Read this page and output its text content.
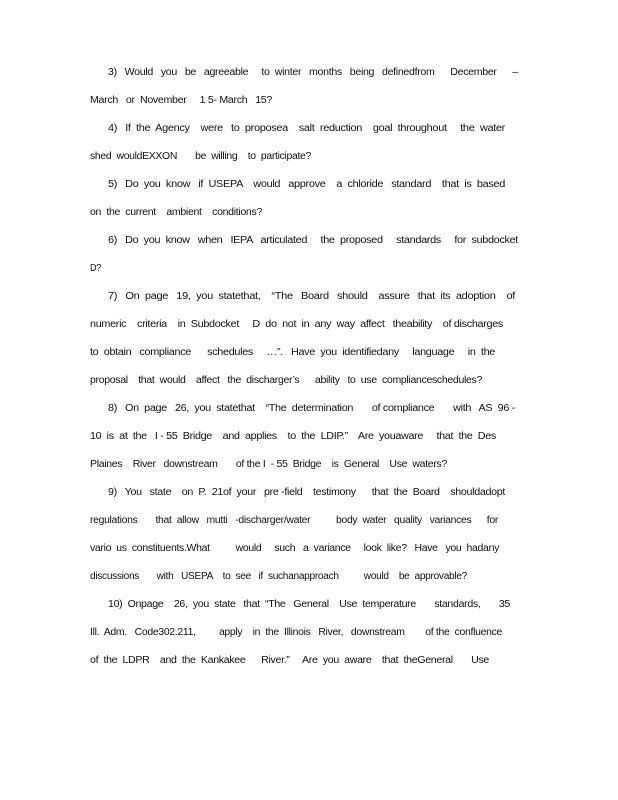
3)   Would   you   be   agreeable     to  winter   months   being   definedfrom      December      –
March   or  November     1 5- March   15?
4)   If  the  Agency    were   to  proposea    salt  reduction    goal  throughout     the  water
shed  wouldEXXON       be  willing    to  participate?
5)   Do  you  know   if  USEPA    would   approve    a  chloride   standard    that  is  based
on  the  current    ambient    conditions?
6)   Do  you  know   when   IEPA   articulated     the  proposed     standards     for  subdocket
D?
7)   On  page   19,  you  statethat,    “The   Board   should    assure   that  its  adoption    of
numeric    criteria    in  Subdocket     D  do  not  in  any  way  affect   theability    of discharges
to  obtain   compliance      schedules     …”.   Have  you  identifiedany     language     in  the
proposal    that  would    affect   the  discharger’s      ability   to  use  complianceschedules?
8)   On  page   26,  you  statethat    “The  determination       of compliance       with   AS  96 -
10  is  at  the   I - 55  Bridge    and  applies    to  the  LDIP.”    Are  youaware     that  the  Des
Plaines    River   downstream       of the I  - 55  Bridge    is  General    Use  waters?
9)   You   state    on  P.  21of  your   pre -field    testimony      that  the  Board    shouldadopt
regulations       that  allow   mutti   -discharger/water          body  water   quality   variances      for
vario  us  constituents.What          would     such   a  variance     look  like?   Have   you  hadany
discussions       with   USEPA    to  see   if  suchanapproach          would    be  approvable?
10)  Onpage    26,  you  state   that  “The   General    Use  temperature       standards,       35
Ill.  Adm.   Code302.211,         apply    in  the  Illinois   River,   downstream        of the  confluence
of  the  LDPR    and  the  Kankakee      River.”     Are  you  aware    that  theGeneral       Use
